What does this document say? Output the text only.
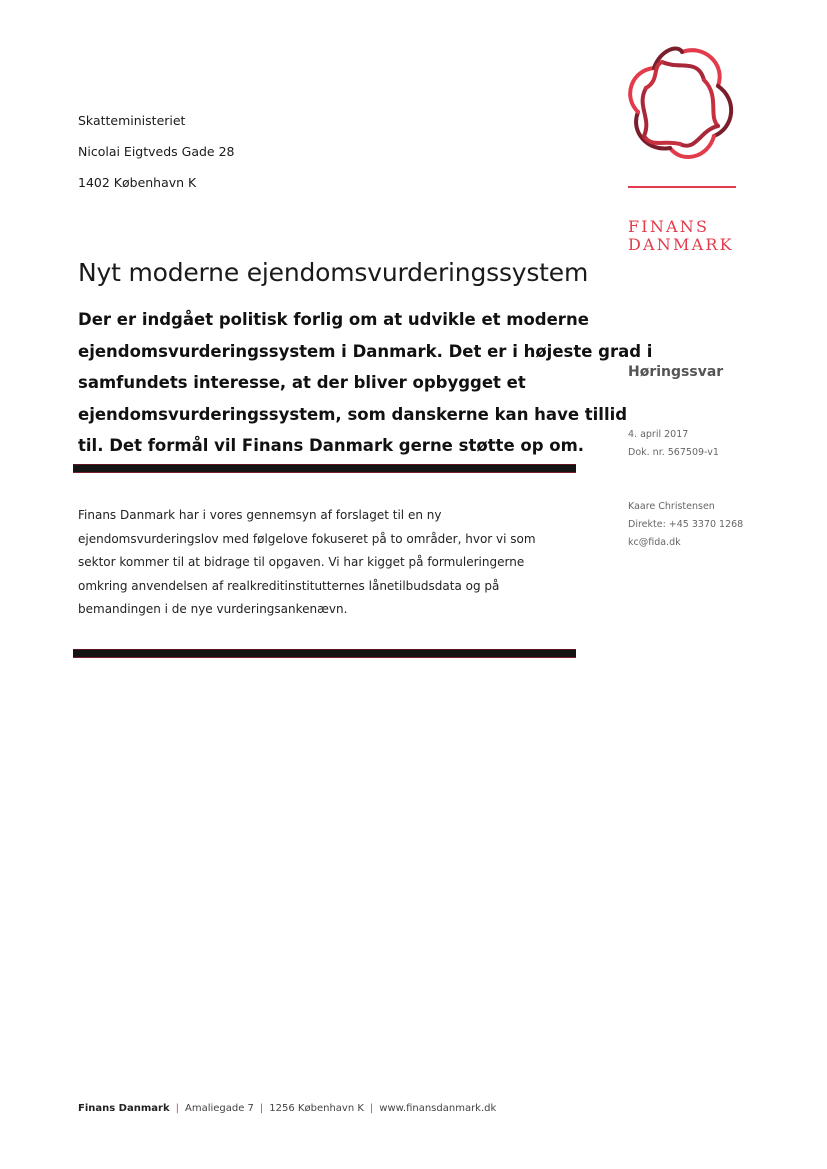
Skatteministeriet
Nicolai Eigtveds Gade 28
1402 København K
FINANS
DANMARK
Nyt moderne ejendomsvurderingssystem
Der er indgået politisk forlig om at udvikle et moderne
ejendomsvurderingssystem i Danmark. Det er i højeste grad i
samfundets interesse, at der bliver opbygget et
ejendomsvurderingssystem, som danskerne kan have tillid
til. Det formål vil Finans Danmark gerne støtte op om.
Finans Danmark har i vores gennemsyn af forslaget til en ny
ejendomsvurderingslov med følgelove fokuseret på to områder, hvor vi som
sektor kommer til at bidrage til opgaven. Vi har kigget på formuleringerne
omkring anvendelsen af realkreditinstitutternes lånetilbudsdata og på
bemandingen i de nye vurderingsankenævn.
Høringssvar
4. april 2017
Dok. nr. 567509-v1
Kaare Christensen
Direkte: +45 3370 1268
kc@fida.dk
Finans Danmark | Amaliegade 7 | 1256 København K | www.finansdanmark.dk
